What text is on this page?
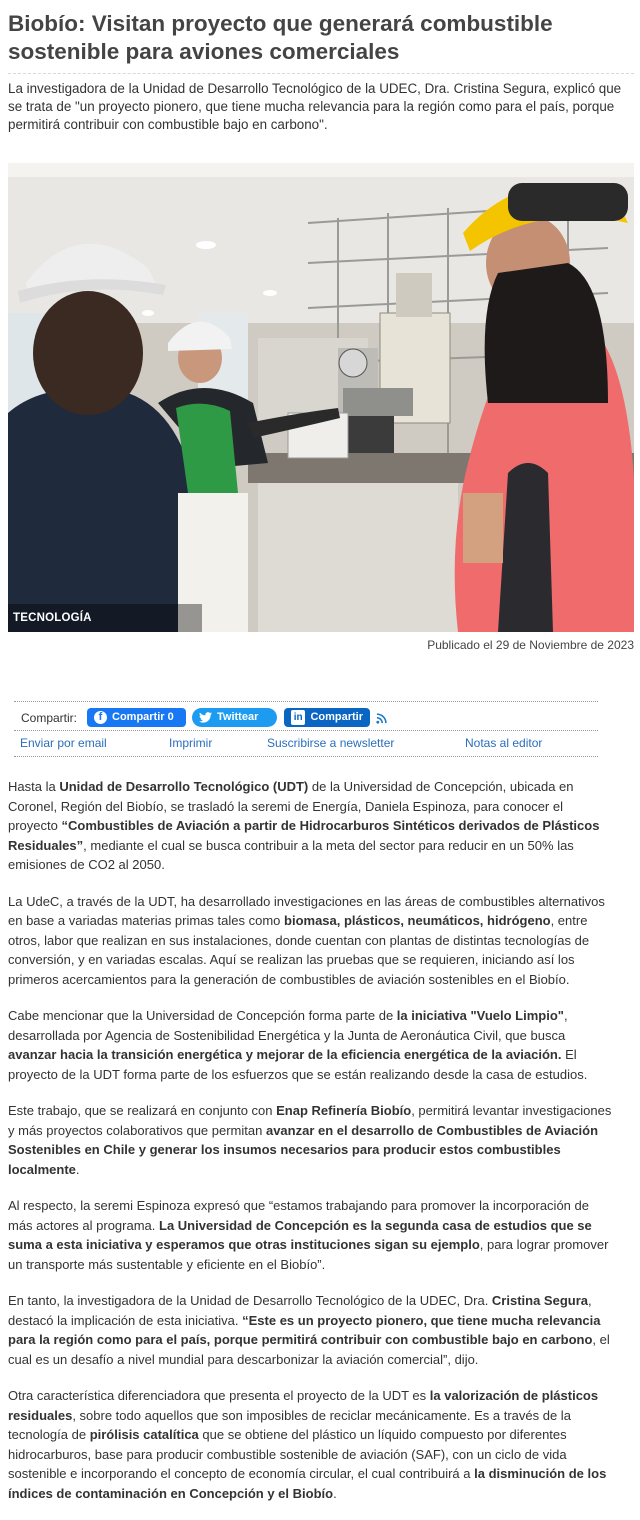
Biobío: Visitan proyecto que generará combustible sostenible para aviones comerciales

La investigadora de la Unidad de Desarrollo Tecnológico de la UDEC, Dra. Cristina Segura, explicó que se trata de "un proyecto pionero, que tiene mucha relevancia para la región como para el país, porque permitirá contribuir con combustible bajo en carbono".

TECNOLOGÍA
Publicado el 29 de Noviembre de 2023
Compartir:	f Compartir 0	Twittear	in Compartir
Enviar por email	Imprimir	Suscribirse a newsletter	Notas al editor

Hasta la Unidad de Desarrollo Tecnológico (UDT) de la Universidad de Concepción, ubicada en Coronel, Región del Biobío, se trasladó la seremi de Energía, Daniela Espinoza, para conocer el proyecto “Combustibles de Aviación a partir de Hidrocarburos Sintéticos derivados de Plásticos Residuales”, mediante el cual se busca contribuir a la meta del sector para reducir en un 50% las emisiones de CO2 al 2050.

La UdeC, a través de la UDT, ha desarrollado investigaciones en las áreas de combustibles alternativos en base a variadas materias primas tales como biomasa, plásticos, neumáticos, hidrógeno, entre otros, labor que realizan en sus instalaciones, donde cuentan con plantas de distintas tecnologías de conversión, y en variadas escalas. Aquí se realizan las pruebas que se requieren, iniciando así los primeros acercamientos para la generación de combustibles de aviación sostenibles en el Biobío.

Cabe mencionar que la Universidad de Concepción forma parte de la iniciativa "Vuelo Limpio", desarrollada por Agencia de Sostenibilidad Energética y la Junta de Aeronáutica Civil, que busca avanzar hacia la transición energética y mejorar de la eficiencia energética de la aviación. El proyecto de la UDT forma parte de los esfuerzos que se están realizando desde la casa de estudios.

Este trabajo, que se realizará en conjunto con Enap Refinería Biobío, permitirá levantar investigaciones y más proyectos colaborativos que permitan avanzar en el desarrollo de Combustibles de Aviación Sostenibles en Chile y generar los insumos necesarios para producir estos combustibles localmente.

Al respecto, la seremi Espinoza expresó que “estamos trabajando para promover la incorporación de más actores al programa. La Universidad de Concepción es la segunda casa de estudios que se suma a esta iniciativa y esperamos que otras instituciones sigan su ejemplo, para lograr promover un transporte más sustentable y eficiente en el Biobío”.

En tanto, la investigadora de la Unidad de Desarrollo Tecnológico de la UDEC, Dra. Cristina Segura, destacó la implicación de esta iniciativa. “Este es un proyecto pionero, que tiene mucha relevancia para la región como para el país, porque permitirá contribuir con combustible bajo en carbono, el cual es un desafío a nivel mundial para descarbonizar la aviación comercial”, dijo.

Otra característica diferenciadora que presenta el proyecto de la UDT es la valorización de plásticos residuales, sobre todo aquellos que son imposibles de reciclar mecánicamente. Es a través de la tecnología de pirólisis catalítica que se obtiene del plástico un líquido compuesto por diferentes hidrocarburos, base para producir combustible sostenible de aviación (SAF), con un ciclo de vida sostenible e incorporando el concepto de economía circular, el cual contribuirá a la disminución de los índices de contaminación en Concepción y el Biobío.
